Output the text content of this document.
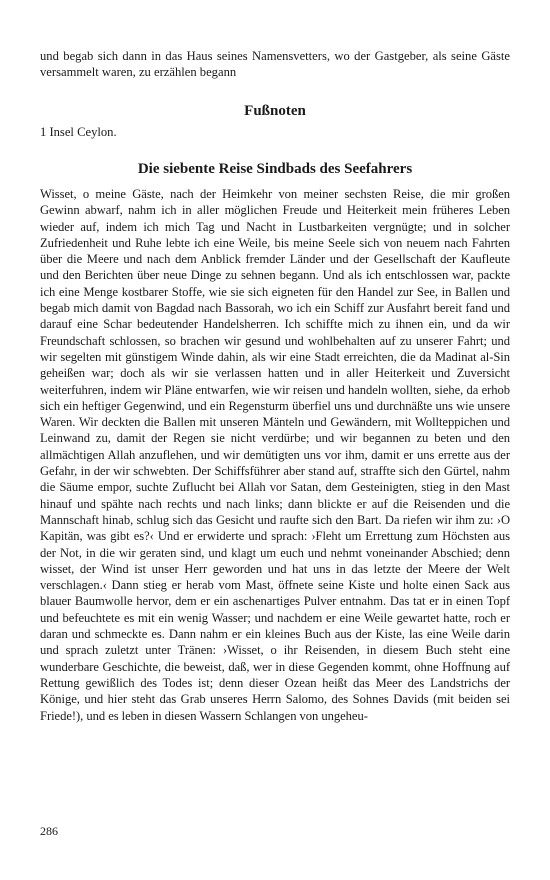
und begab sich dann in das Haus seines Namensvetters, wo der Gastgeber, als seine Gäste versammelt waren, zu erzählen begann

Fußnoten
1 Insel Ceylon.
Die siebente Reise Sindbads des Seefahrers

Wisset, o meine Gäste, nach der Heimkehr von meiner sechsten Reise, die mir großen Gewinn abwarf, nahm ich in aller möglichen Freude und Heiterkeit mein früheres Leben wieder auf, indem ich mich Tag und Nacht in Lustbarkeiten vergnügte; und in solcher Zufriedenheit und Ruhe lebte ich eine Weile, bis meine Seele sich von neuem nach Fahrten über die Meere und nach dem Anblick fremder Länder und der Gesellschaft der Kaufleute und den Berichten über neue Dinge zu sehnen begann. Und als ich entschlossen war, packte ich eine Menge kostbarer Stoffe, wie sie sich eigneten für den Handel zur See, in Ballen und begab mich damit von Bagdad nach Bassorah, wo ich ein Schiff zur Ausfahrt bereit fand und darauf eine Schar bedeutender Handelsherren. Ich schiffte mich zu ihnen ein, und da wir Freundschaft schlossen, so brachen wir gesund und wohlbehalten auf zu unserer Fahrt; und wir segelten mit günstigem Winde dahin, als wir eine Stadt erreichten, die da Madinat al-Sin geheißen war; doch als wir sie verlassen hatten und in aller Heiterkeit und Zuversicht weiterfuhren, indem wir Pläne entwarfen, wie wir reisen und handeln wollten, siehe, da erhob sich ein heftiger Gegenwind, und ein Regensturm überfiel uns und durchnäßte uns wie unsere Waren. Wir deckten die Ballen mit unseren Mänteln und Gewändern, mit Wollteppichen und Leinwand zu, damit der Regen sie nicht verdürbe; und wir begannen zu beten und den allmächtigen Allah anzuflehen, und wir demütigten uns vor ihm, damit er uns errette aus der Gefahr, in der wir schwebten. Der Schiffsführer aber stand auf, straffte sich den Gürtel, nahm die Säume empor, suchte Zuflucht bei Allah vor Satan, dem Gesteinigten, stieg in den Mast hinauf und spähte nach rechts und nach links; dann blickte er auf die Reisenden und die Mannschaft hinab, schlug sich das Gesicht und raufte sich den Bart. Da riefen wir ihm zu: ›O Kapitän, was gibt es?‹ Und er erwiderte und sprach: ›Fleht um Errettung zum Höchsten aus der Not, in die wir geraten sind, und klagt um euch und nehmt voneinander Abschied; denn wisset, der Wind ist unser Herr geworden und hat uns in das letzte der Meere der Welt verschlagen.‹ Dann stieg er herab vom Mast, öffnete seine Kiste und holte einen Sack aus blauer Baumwolle hervor, dem er ein aschenartiges Pulver entnahm. Das tat er in einen Topf und befeuchtete es mit ein wenig Wasser; und nachdem er eine Weile gewartet hatte, roch er daran und schmeckte es. Dann nahm er ein kleines Buch aus der Kiste, las eine Weile darin und sprach zuletzt unter Tränen: ›Wisset, o ihr Reisenden, in diesem Buch steht eine wunderbare Geschichte, die beweist, daß, wer in diese Gegenden kommt, ohne Hoffnung auf Rettung gewißlich des Todes ist; denn dieser Ozean heißt das Meer des Landstrichs der Könige, und hier steht das Grab unseres Herrn Salomo, des Sohnes Davids (mit beiden sei Friede!), und es leben in diesen Wassern Schlangen von ungeheu-

286
